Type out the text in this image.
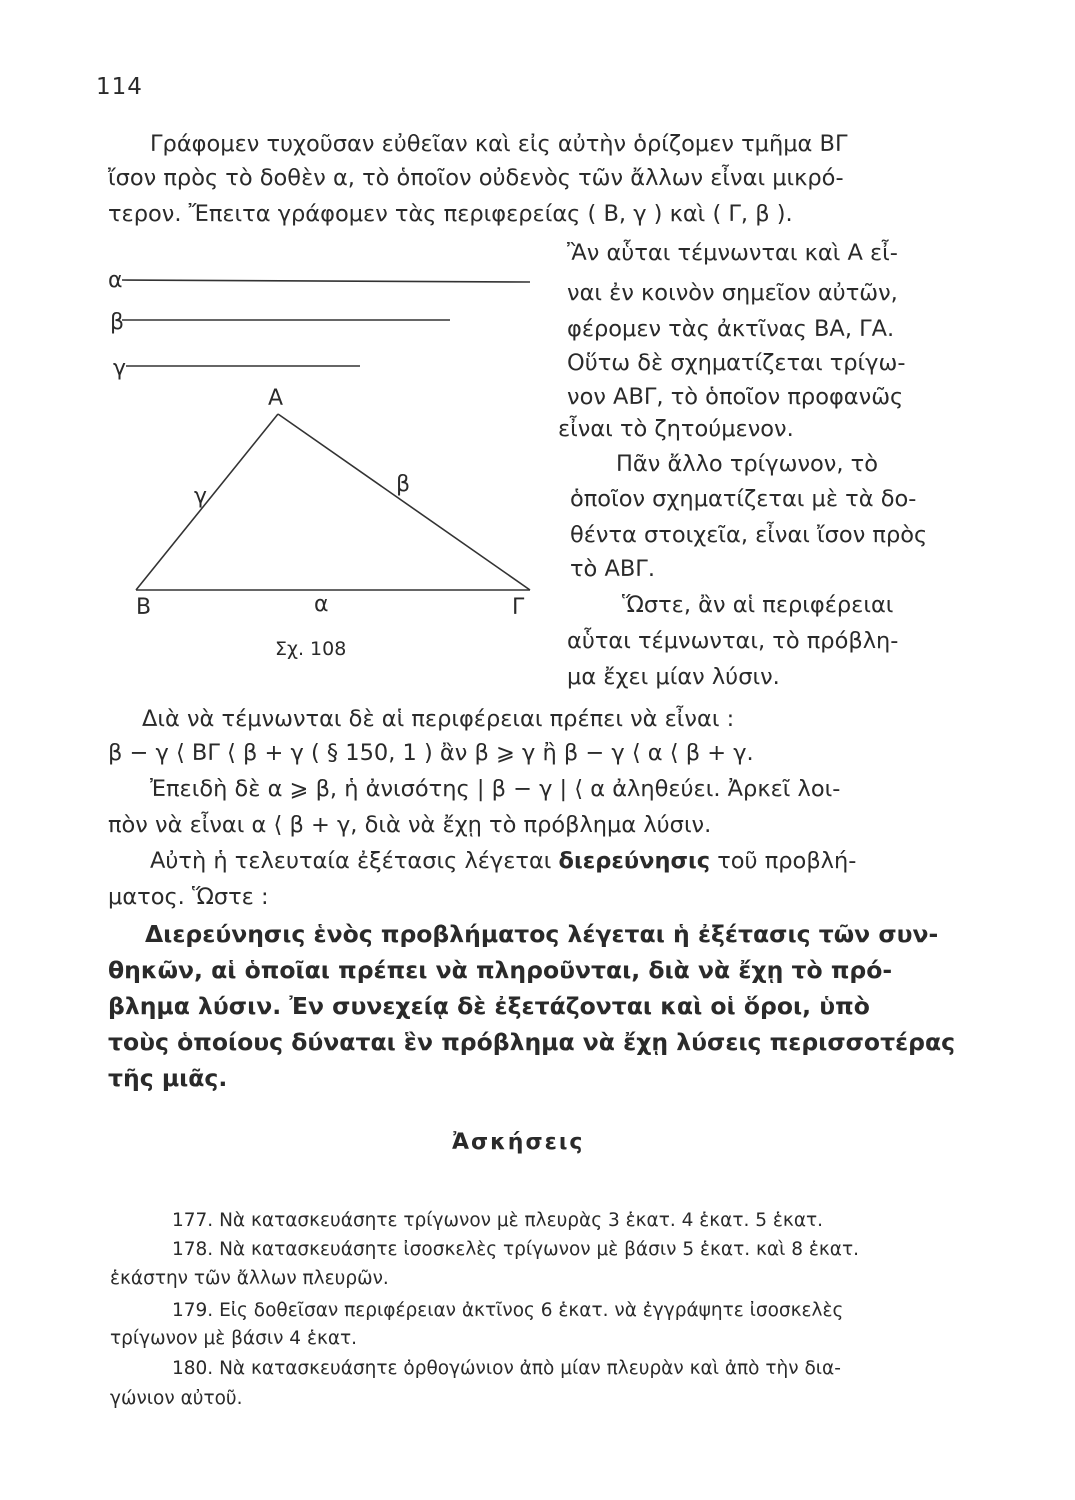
114
Γράφομεν τυχοῦσαν εὐθεῖαν καὶ εἰς αὐτὴν ὁρίζομεν τμῆμα ΒΓ
ἴσον πρὸς τὸ δοθὲν α, τὸ ὁποῖον οὐδενὸς τῶν ἄλλων εἶναι μικρό-
τερον. Ἔπειτα γράφομεν τὰς περιφερείας ( Β, γ ) καὶ ( Γ, β ).
Ἂν αὗται τέμνωνται καὶ Α εἶ-
ναι ἐν κοινὸν σημεῖον αὐτῶν,
φέρομεν τὰς ἀκτῖνας ΒΑ, ΓΑ.
Οὕτω δὲ σχηματίζεται τρίγω-
νον ΑΒΓ, τὸ ὁποῖον προφανῶς
εἶναι τὸ ζητούμενον.
Πᾶν ἄλλο τρίγωνον, τὸ
ὁποῖον σχηματίζεται μὲ τὰ δο-
θέντα στοιχεῖα, εἶναι ἴσον πρὸς
τὸ ΑΒΓ.
Ὥστε, ἂν αἱ περιφέρειαι
αὗται τέμνωνται, τὸ πρόβλη-
μα ἔχει μίαν λύσιν.
α
β
γ
Α
Β	Γ
γ	β
α
Σχ. 108
Διὰ νὰ τέμνωνται δὲ αἱ περιφέρειαι πρέπει νὰ εἶναι :
β − γ ⟨ ΒΓ ⟨ β + γ ( § 150, 1 ) ἂν β ⩾ γ ἢ β − γ ⟨ α ⟨ β + γ.
Ἐπειδὴ δὲ α ⩾ β, ἡ ἀνισότης | β − γ | ⟨ α ἀληθεύει. Ἀρκεῖ λοι-
πὸν νὰ εἶναι α ⟨ β + γ, διὰ νὰ ἔχῃ τὸ πρόβλημα λύσιν.
Αὐτὴ ἡ τελευταία ἐξέτασις λέγεται διερεύνησις τοῦ προβλή-
ματος. Ὥστε :
Διερεύνησις ἑνὸς προβλήματος λέγεται ἡ ἐξέτασις τῶν συν-
θηκῶν, αἱ ὁποῖαι πρέπει νὰ πληροῦνται, διὰ νὰ ἔχῃ τὸ πρό-
βλημα λύσιν. Ἐν συνεχείᾳ δὲ ἐξετάζονται καὶ οἱ ὅροι, ὑπὸ
τοὺς ὁποίους δύναται ἓν πρόβλημα νὰ ἔχῃ λύσεις περισσοτέρας
τῆς μιᾶς.
Ἀσκήσεις
177. Νὰ κατασκευάσητε τρίγωνον μὲ πλευρὰς 3 ἑκατ. 4 ἑκατ. 5 ἑκατ.
178. Νὰ κατασκευάσητε ἰσοσκελὲς τρίγωνον μὲ βάσιν 5 ἑκατ. καὶ 8 ἑκατ.
ἑκάστην τῶν ἄλλων πλευρῶν.
179. Εἰς δοθεῖσαν περιφέρειαν ἀκτῖνος 6 ἑκατ. νὰ ἐγγράψητε ἰσοσκελὲς
τρίγωνον μὲ βάσιν 4 ἑκατ.
180. Νὰ κατασκευάσητε ὀρθογώνιον ἀπὸ μίαν πλευρὰν καὶ ἀπὸ τὴν δια-
γώνιον αὐτοῦ.
